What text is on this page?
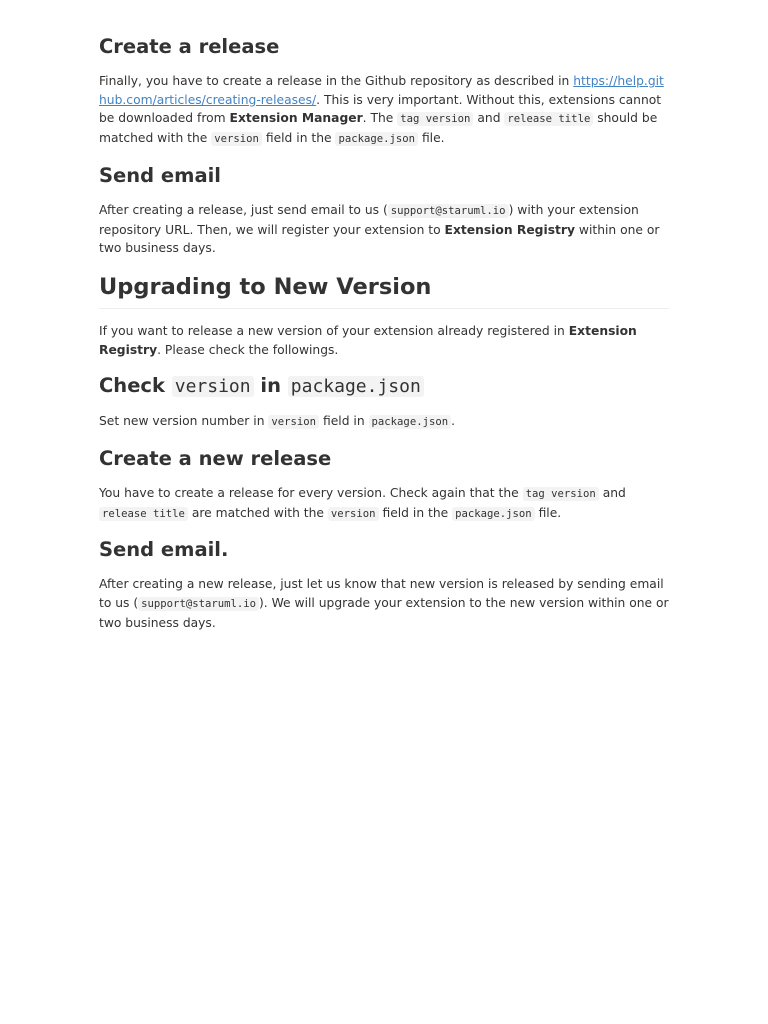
Create a release

Finally, you have to create a release in the Github repository as described in https://help.github.com/articles/creating-releases/. This is very important. Without this, extensions cannot be downloaded from Extension Manager. The tag version and release title should be matched with the version field in the package.json file.

Send email

After creating a release, just send email to us ( support@staruml.io ) with your extension repository URL. Then, we will register your extension to Extension Registry within one or two business days.

Upgrading to New Version

If you want to release a new version of your extension already registered in Extension Registry. Please check the followings.

Check version in package.json

Set new version number in version field in package.json .

Create a new release

You have to create a release for every version. Check again that the tag version and release title are matched with the version field in the package.json file.

Send email.

After creating a new release, just let us know that new version is released by sending email to us ( support@staruml.io ). We will upgrade your extension to the new version within one or two business days.
